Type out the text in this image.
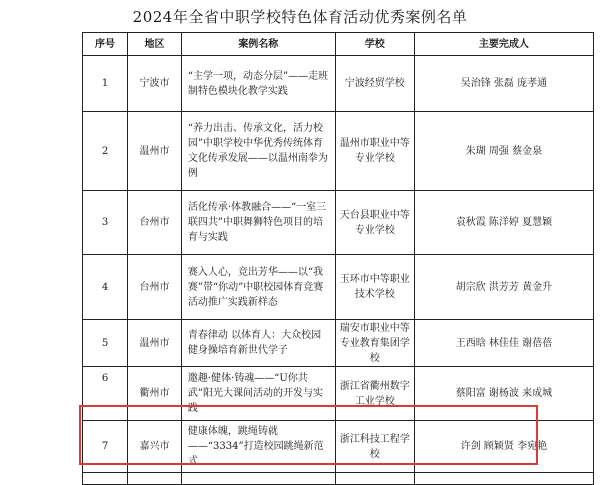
2024年全省中职学校特色体育活动优秀案例名单
序号	地区	案例名称	学校	主要完成人
1	宁波市	“主学一项，动态分层”——走班制特色模块化教学实践	宁波经贸学校	吴治锋 张磊 庞孝通
2	温州市	“养力出击、传承文化，活力校园”中职学校中华优秀传统体育文化传承发展——以温州南拳为例	温州市职业中等专业学校	朱瑚 周强 蔡金泉
3	台州市	活化传承·体教融合——“一室三联四共”中职舞狮特色项目的培育与实践	天台县职业中等专业学校	袁秋霞 陈洋婷 夏慧颖
4	台州市	赛入人心，竞出芳华——以“我赛”带“你动”中职校园体育竞赛活动推广实践新样态	玉环市中等职业技术学校	胡宗欣 洪芳芳 黄金升
5	温州市	青春律动 以体育人：大众校园健身操培育新世代学子	瑞安市职业中等专业教育集团学校	王西晗 林佳佳 谢蓓蓓
6	衢州市	邀趣·健体·铸魂——“U你共武”阳光大课间活动的开发与实践	浙江省衢州数字工业学校	蔡阳富 谢杨波 来成城
7	嘉兴市	健康体魄，跳绳铸就——“3334”打造校园跳绳新范式	浙江科技工程学校	许剑 顾颖贤 李宛艳
